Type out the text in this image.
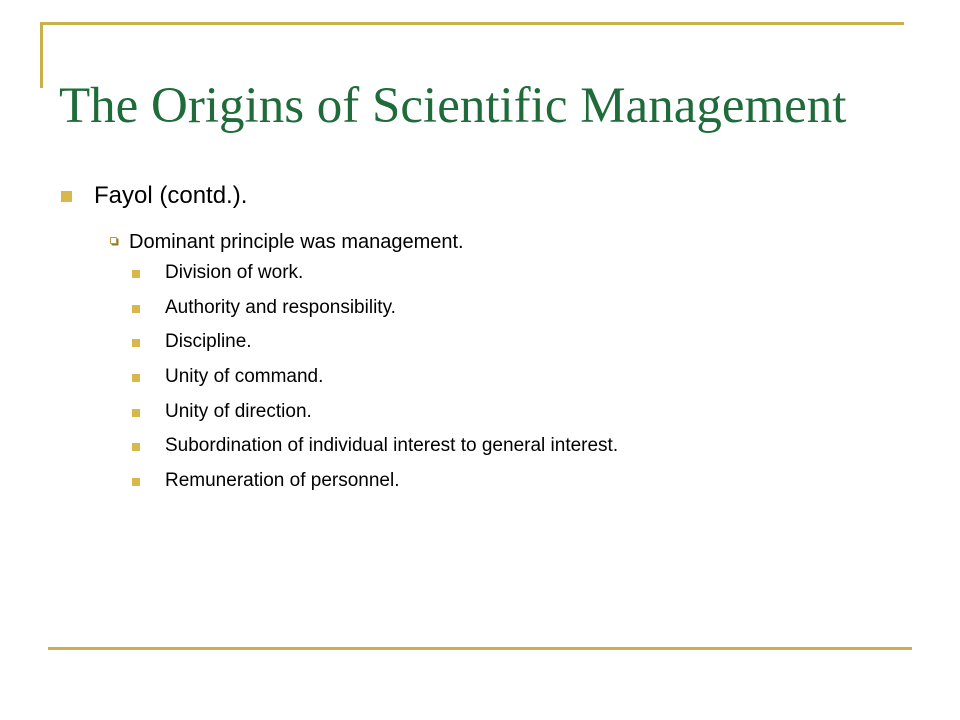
The Origins of Scientific Management
Fayol (contd.).
Dominant principle was management.
Division of work.
Authority and responsibility.
Discipline.
Unity of command.
Unity of direction.
Subordination of individual interest to general interest.
Remuneration of personnel.
